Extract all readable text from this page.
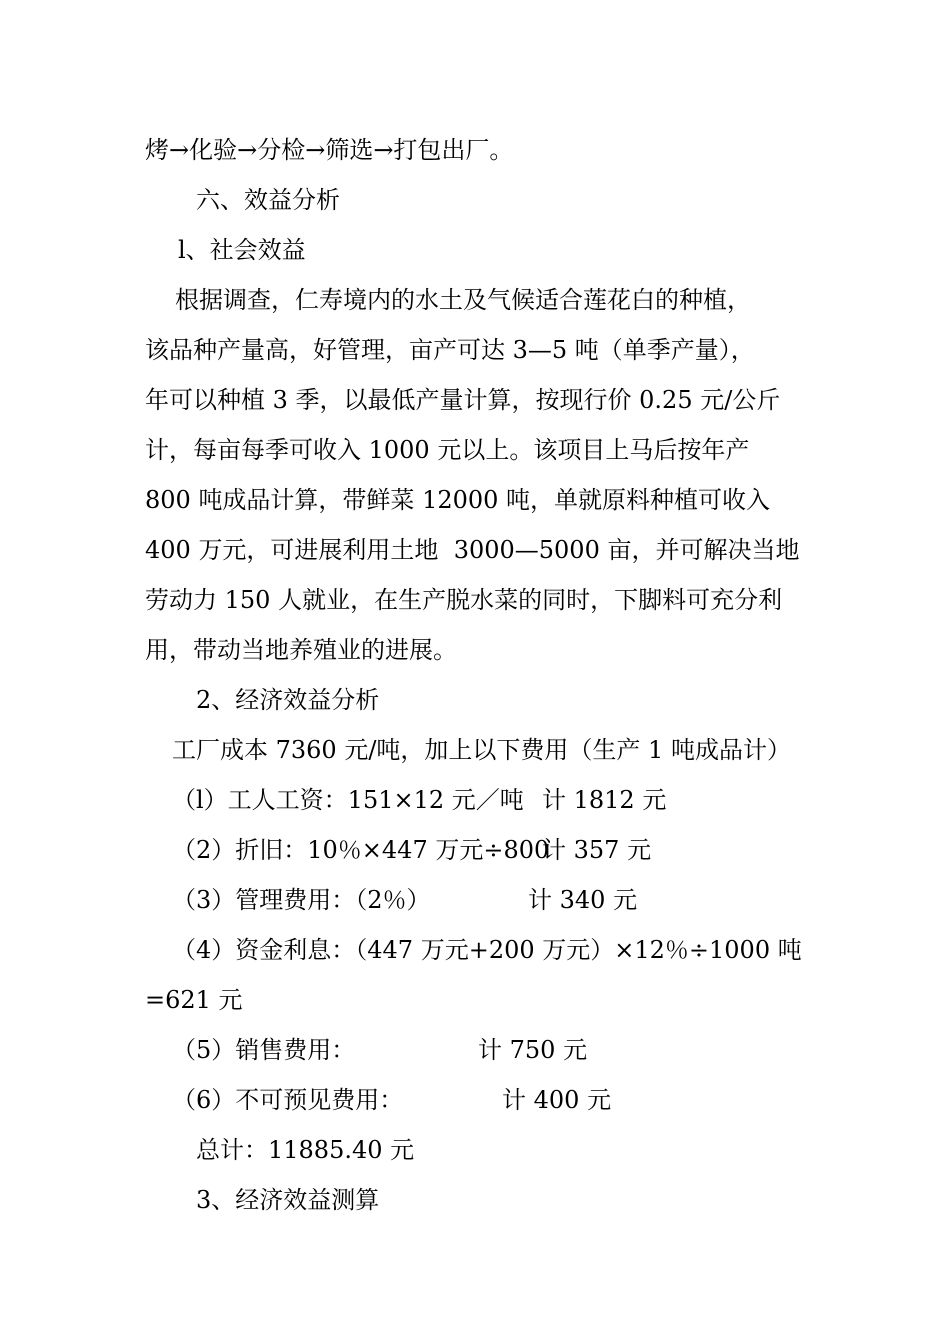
烤→化验→分检→筛选→打包出厂。
六、效益分析
l、社会效益
根据调查，仁寿境内的水土及气候适合莲花白的种植，
该品种产量高，好管理，亩产可达 3—5 吨（单季产量），
年可以种植 3 季，以最低产量计算，按现行价 0.25 元/公斤
计，每亩每季可收入 1000 元以上。该项目上马后按年产
800 吨成品计算，带鲜菜 12000 吨，单就原料种植可收入
400 万元，可进展利用土地  3000—5000 亩，并可解决当地
劳动力 150 人就业，在生产脱水菜的同时，下脚料可充分利
用，带动当地养殖业的进展。
2、经济效益分析
工厂成本 7360 元/吨，加上以下费用（生产 1 吨成品计）

（l）工人工资：151×12 元／吨

计 1812 元

（2）折旧：10％×447 万元÷800

计 357 元

（3）管理费用：（2％）

	计 340 元

（4）资金利息：（447 万元+200 万元）×12％÷1000 吨
=621 元

（5）销售费用：

	计 750 元

（6）不可预见费用：

	计 400 元

总计：11885.40 元
3、经济效益测算
